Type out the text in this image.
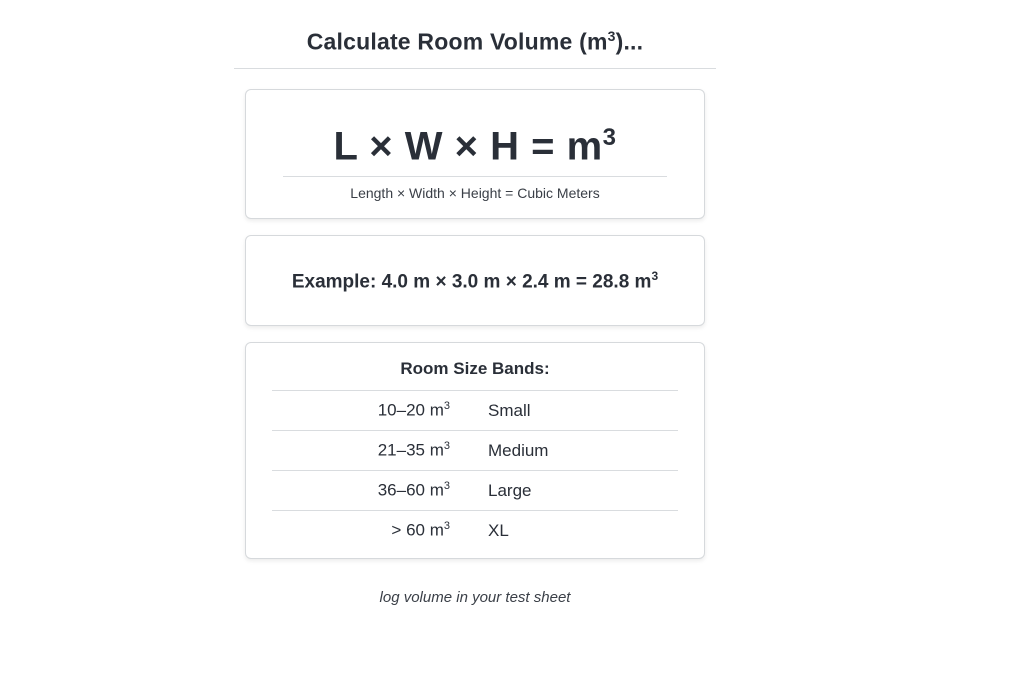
Calculate Room Volume $(m^3)$...

$L \times W \times H = m^3$

Length × Width × Height = Cubic Meters

Example: 4.0 m × 3.0 m × 2.4 m = 28.8 $m^3$

Room Size Bands:

10–20 $m^3$	Small
21–35 $m^3$	Medium
36–60 $m^3$	Large
> 60 $m^3$	XL

log volume in your test sheet
